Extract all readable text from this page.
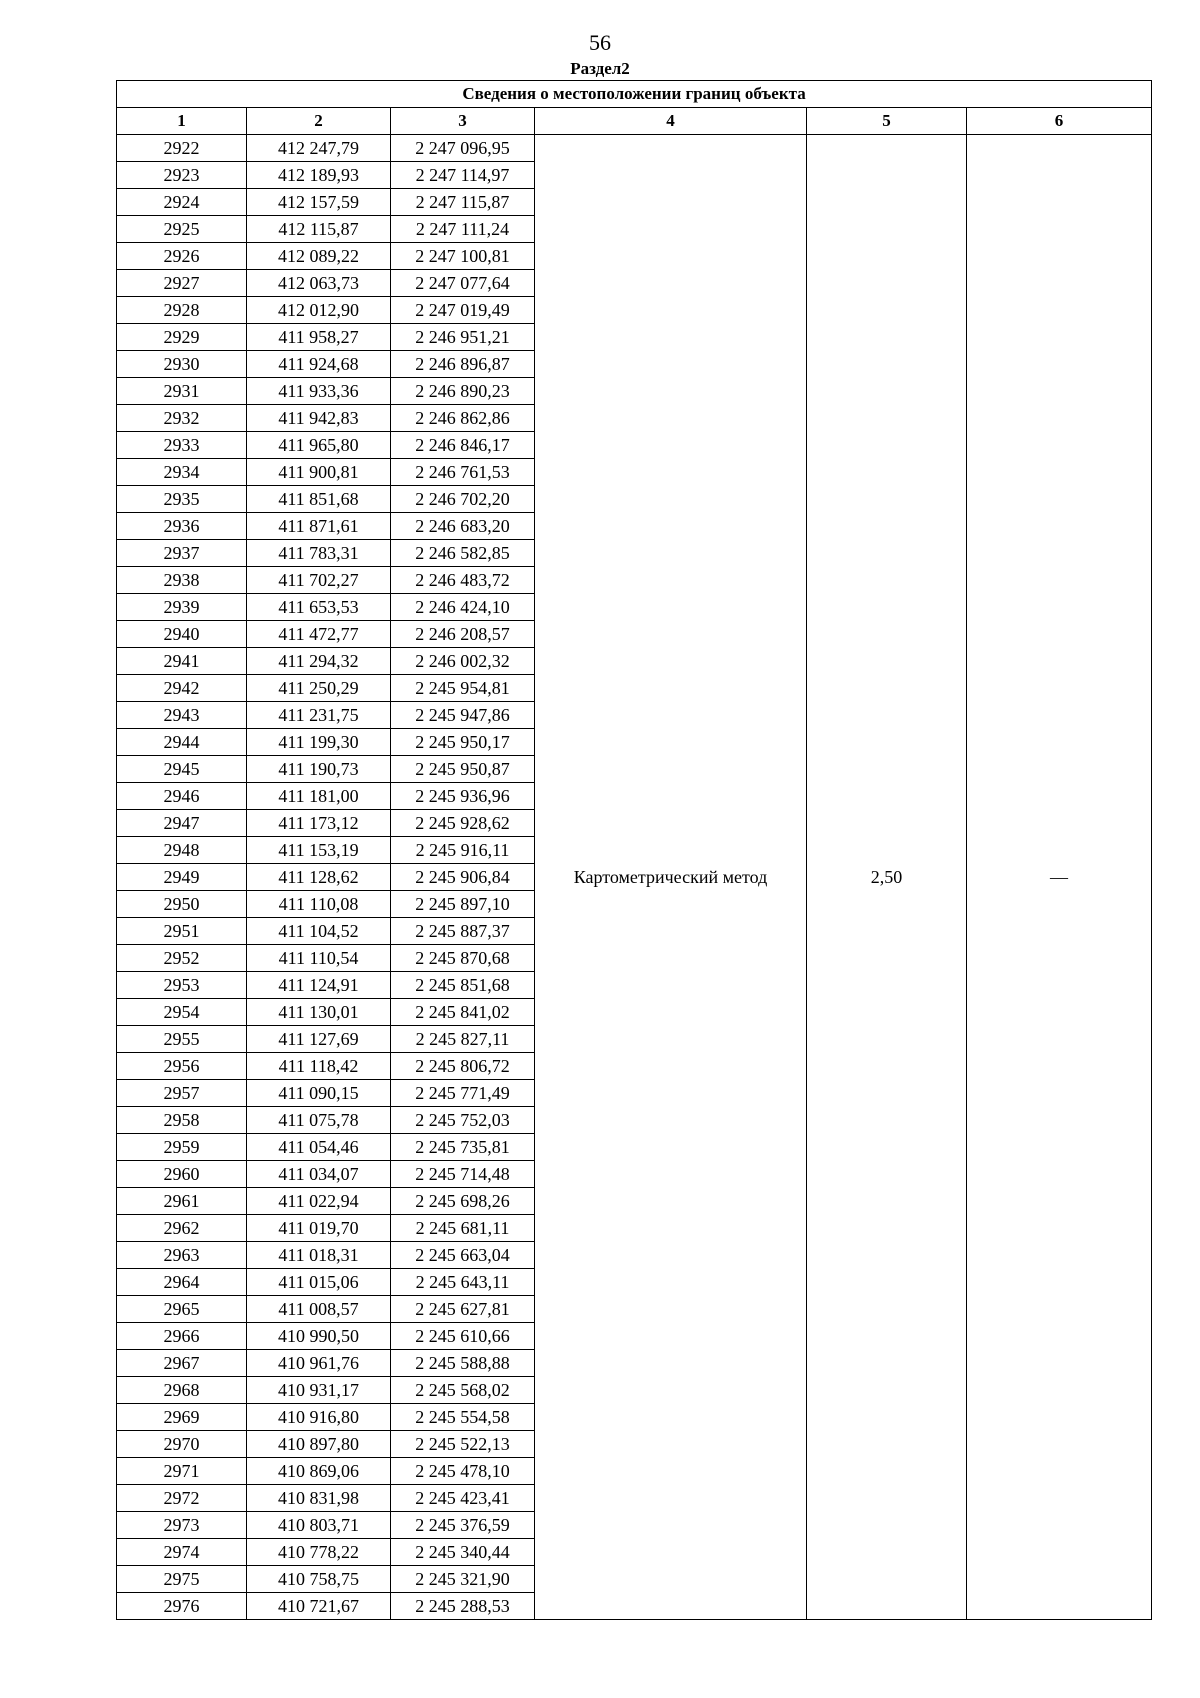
56
Раздел2
Сведения о местоположении границ объекта					
1	2	3	4	5	6
2922	412 247,79	2 247 096,95	Картометрический метод	2,50	—
2923	412 189,93	2 247 114,97			
2924	412 157,59	2 247 115,87			
2925	412 115,87	2 247 111,24			
2926	412 089,22	2 247 100,81			
2927	412 063,73	2 247 077,64			
2928	412 012,90	2 247 019,49			
2929	411 958,27	2 246 951,21			
2930	411 924,68	2 246 896,87			
2931	411 933,36	2 246 890,23			
2932	411 942,83	2 246 862,86			
2933	411 965,80	2 246 846,17			
2934	411 900,81	2 246 761,53			
2935	411 851,68	2 246 702,20			
2936	411 871,61	2 246 683,20			
2937	411 783,31	2 246 582,85			
2938	411 702,27	2 246 483,72			
2939	411 653,53	2 246 424,10			
2940	411 472,77	2 246 208,57			
2941	411 294,32	2 246 002,32			
2942	411 250,29	2 245 954,81			
2943	411 231,75	2 245 947,86			
2944	411 199,30	2 245 950,17			
2945	411 190,73	2 245 950,87			
2946	411 181,00	2 245 936,96			
2947	411 173,12	2 245 928,62			
2948	411 153,19	2 245 916,11			
2949	411 128,62	2 245 906,84			
2950	411 110,08	2 245 897,10			
2951	411 104,52	2 245 887,37			
2952	411 110,54	2 245 870,68			
2953	411 124,91	2 245 851,68			
2954	411 130,01	2 245 841,02			
2955	411 127,69	2 245 827,11			
2956	411 118,42	2 245 806,72			
2957	411 090,15	2 245 771,49			
2958	411 075,78	2 245 752,03			
2959	411 054,46	2 245 735,81			
2960	411 034,07	2 245 714,48			
2961	411 022,94	2 245 698,26			
2962	411 019,70	2 245 681,11			
2963	411 018,31	2 245 663,04			
2964	411 015,06	2 245 643,11			
2965	411 008,57	2 245 627,81			
2966	410 990,50	2 245 610,66			
2967	410 961,76	2 245 588,88			
2968	410 931,17	2 245 568,02			
2969	410 916,80	2 245 554,58			
2970	410 897,80	2 245 522,13			
2971	410 869,06	2 245 478,10			
2972	410 831,98	2 245 423,41			
2973	410 803,71	2 245 376,59			
2974	410 778,22	2 245 340,44			
2975	410 758,75	2 245 321,90			
2976	410 721,67	2 245 288,53			
